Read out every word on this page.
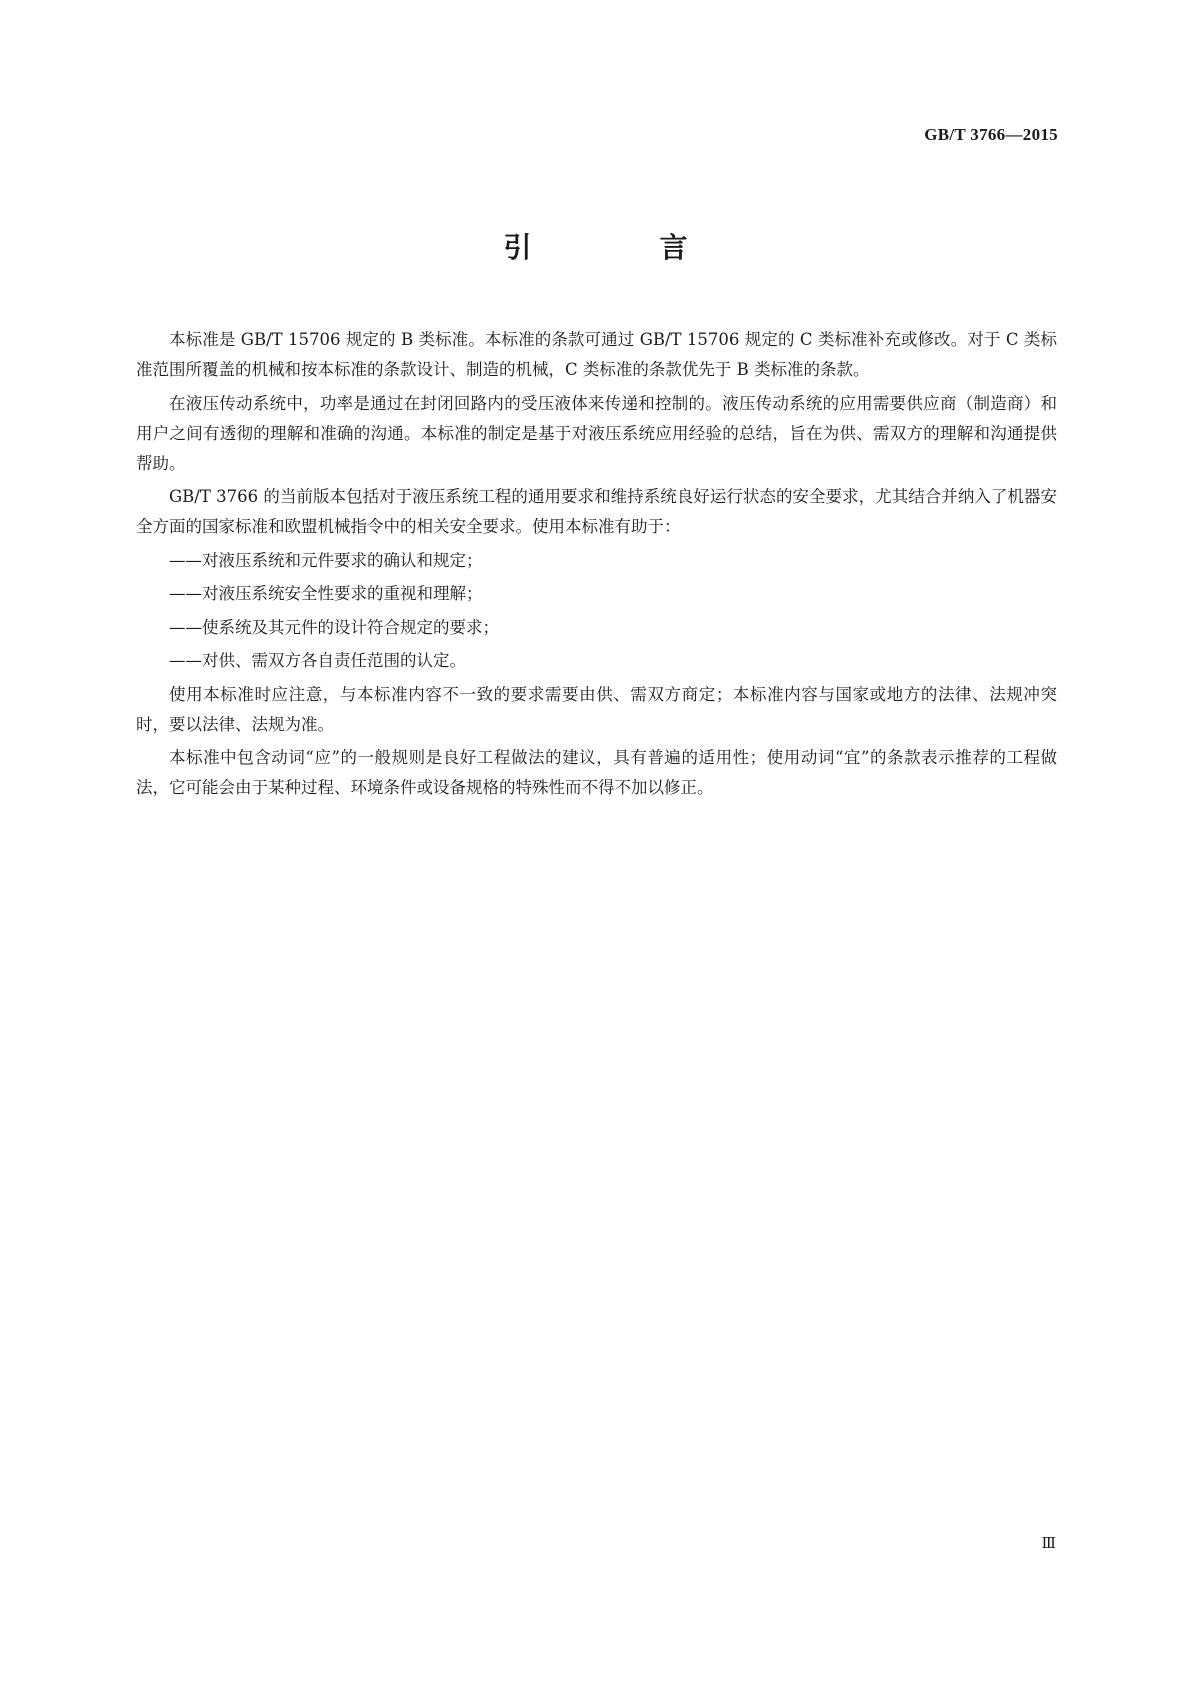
GB/T 3766—2015
引　言

本标准是 GB/T 15706 规定的 B 类标准。本标准的条款可通过 GB/T 15706 规定的 C 类标准补充或修改。对于 C 类标准范围所覆盖的机械和按本标准的条款设计、制造的机械，C 类标准的条款优先于 B 类标准的条款。

在液压传动系统中，功率是通过在封闭回路内的受压液体来传递和控制的。液压传动系统的应用需要供应商（制造商）和用户之间有透彻的理解和准确的沟通。本标准的制定是基于对液压系统应用经验的总结，旨在为供、需双方的理解和沟通提供帮助。

GB/T 3766 的当前版本包括对于液压系统工程的通用要求和维持系统良好运行状态的安全要求，尤其结合并纳入了机器安全方面的国家标准和欧盟机械指令中的相关安全要求。使用本标准有助于：

——对液压系统和元件要求的确认和规定；
——对液压系统安全性要求的重视和理解；
——使系统及其元件的设计符合规定的要求；
——对供、需双方各自责任范围的认定。

使用本标准时应注意，与本标准内容不一致的要求需要由供、需双方商定；本标准内容与国家或地方的法律、法规冲突时，要以法律、法规为准。

本标准中包含动词“应”的一般规则是良好工程做法的建议，具有普遍的适用性；使用动词“宜”的条款表示推荐的工程做法，它可能会由于某种过程、环境条件或设备规格的特殊性而不得不加以修正。

Ⅲ
